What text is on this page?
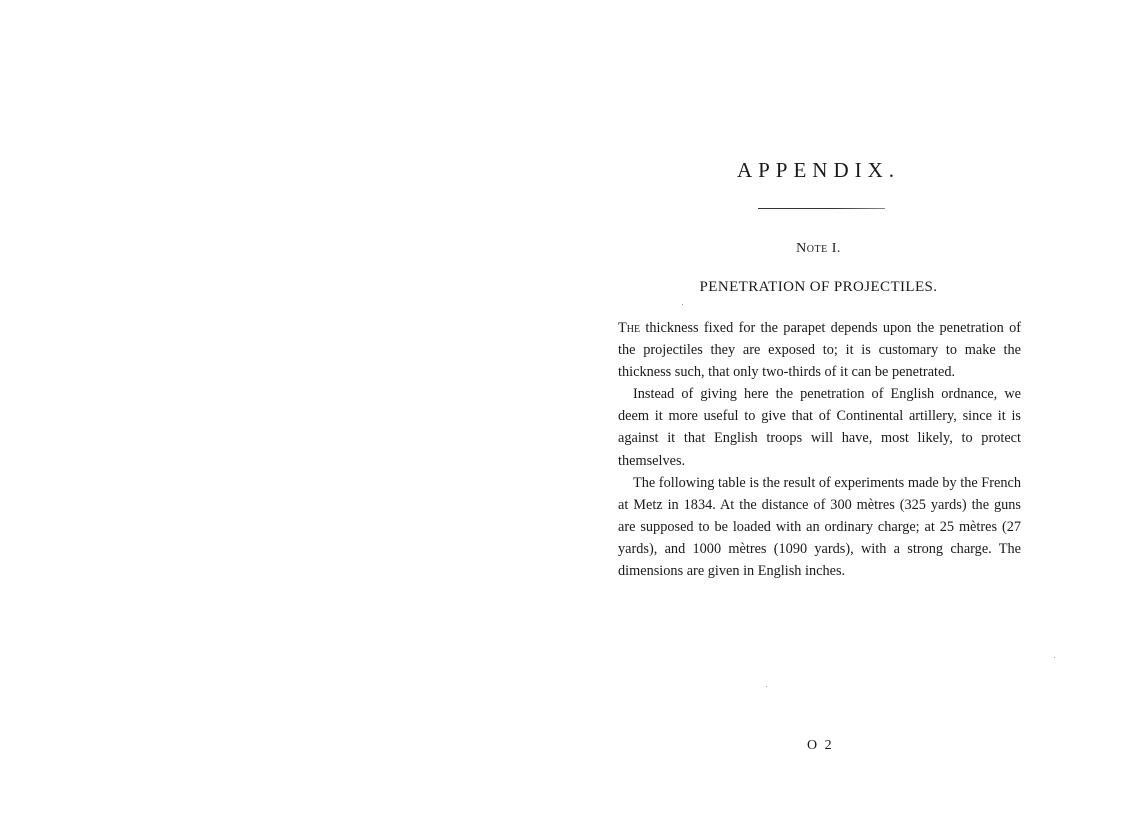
APPENDIX.
Note I.
PENETRATION OF PROJECTILES.

The thickness fixed for the parapet depends upon the penetration of the projectiles they are exposed to; it is customary to make the thickness such, that only two-thirds of it can be penetrated.

Instead of giving here the penetration of English ordnance, we deem it more useful to give that of Continental artillery, since it is against it that English troops will have, most likely, to protect themselves.

The following table is the result of experiments made by the French at Metz in 1834. At the distance of 300 mètres (325 yards) the guns are supposed to be loaded with an ordinary charge; at 25 mètres (27 yards), and 1000 mètres (1090 yards), with a strong charge. The dimensions are given in English inches.

O 2
